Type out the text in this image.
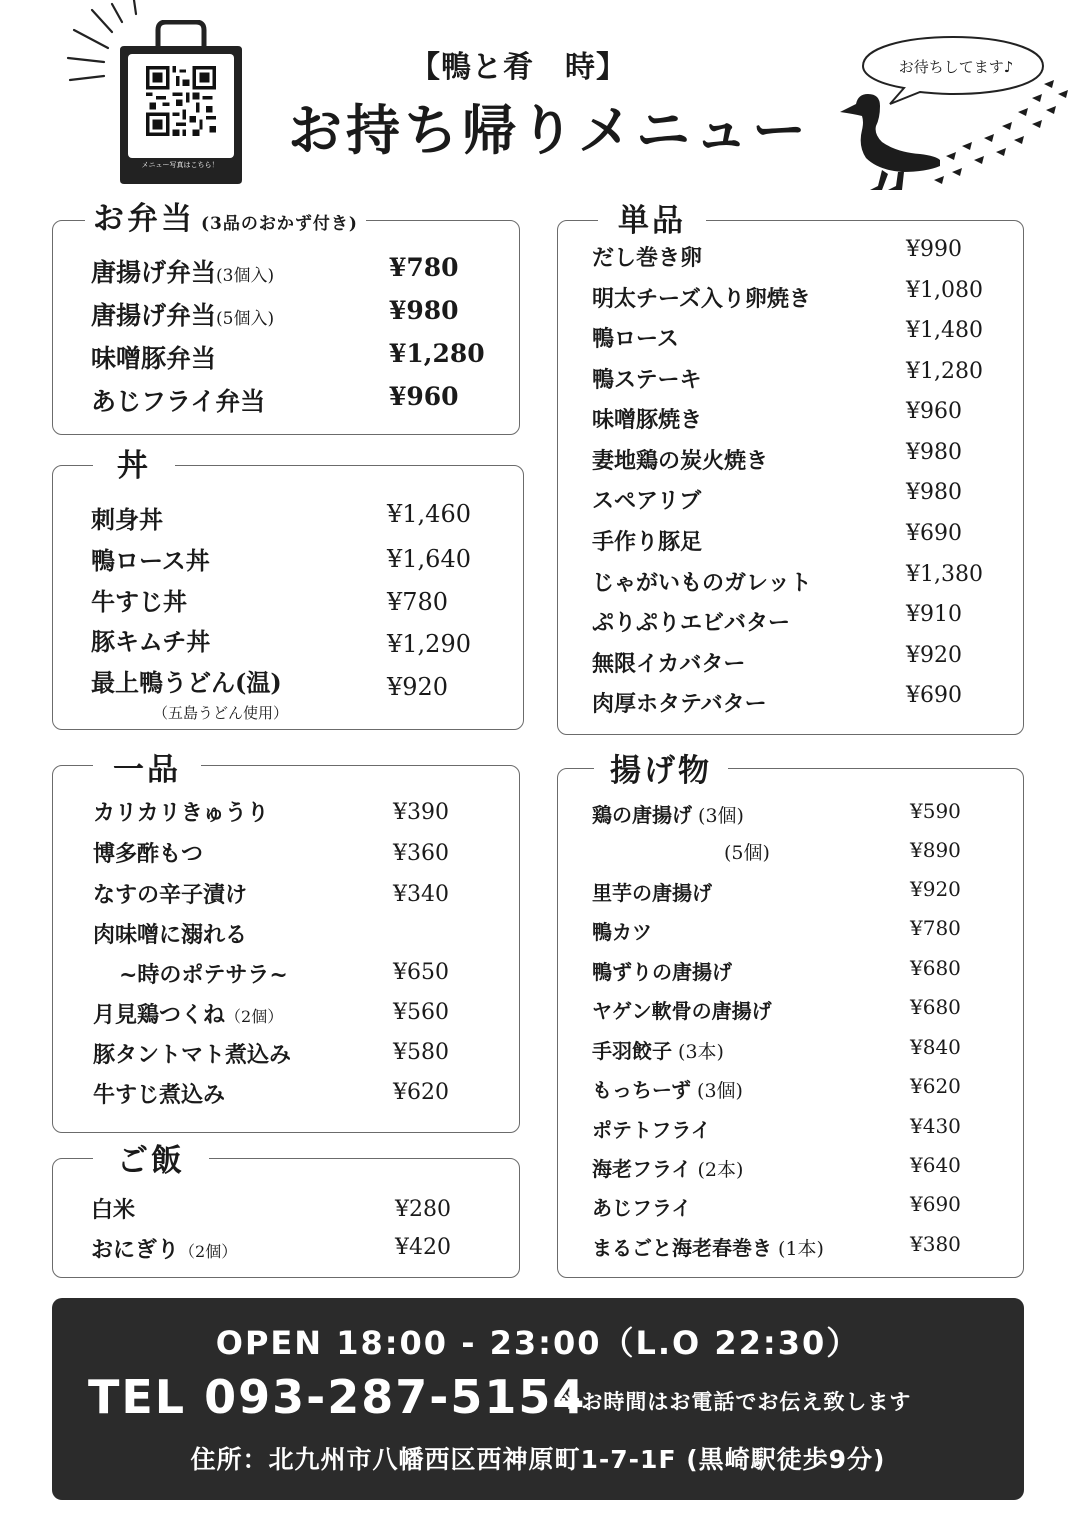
メニュー写真はこちら！
【鴨と肴　時】
お持ち帰りメニュー
お待ちしてます♪
お弁当 (3品のおかず付き)
唐揚げ弁当(3個入)	¥780
唐揚げ弁当(5個入)	¥980
味噌豚弁当	¥1,280
あじフライ弁当	¥960
丼
刺身丼	¥1,460
鴨ロース丼	¥1,640
牛すじ丼	¥780
豚キムチ丼	¥1,290
最上鴨うどん(温)	¥920
（五島うどん使用）
一品
カリカリきゅうり	¥390
博多酢もつ	¥360
なすの辛子漬け	¥340
肉味噌に溺れる
~時のポテサラ~	¥650
月見鶏つくね（2個）	¥560
豚タントマト煮込み	¥580
牛すじ煮込み	¥620
ご飯
白米	¥280
おにぎり（2個）	¥420
単品
だし巻き卵	¥990
明太チーズ入り卵焼き	¥1,080
鴨ロース	¥1,480
鴨ステーキ	¥1,280
味噌豚焼き	¥960
妻地鶏の炭火焼き	¥980
スペアリブ	¥980
手作り豚足	¥690
じゃがいものガレット	¥1,380
ぷりぷりエビバター	¥910
無限イカバター	¥920
肉厚ホタテバター	¥690
揚げ物
鶏の唐揚げ (3個)	¥590
(5個)	¥890
里芋の唐揚げ	¥920
鴨カツ	¥780
鴨ずりの唐揚げ	¥680
ヤゲン軟骨の唐揚げ	¥680
手羽餃子 (3本)	¥840
もっちーず (3個)	¥620
ポテトフライ	¥430
海老フライ (2本)	¥640
あじフライ	¥690
まるごと海老春巻き (1本)	¥380
OPEN 18:00 - 23:00（L.O 22:30）
TEL 093-287-5154
※お時間はお電話でお伝え致します
住所：北九州市八幡西区西神原町1-7-1F (黒崎駅徒歩9分)
